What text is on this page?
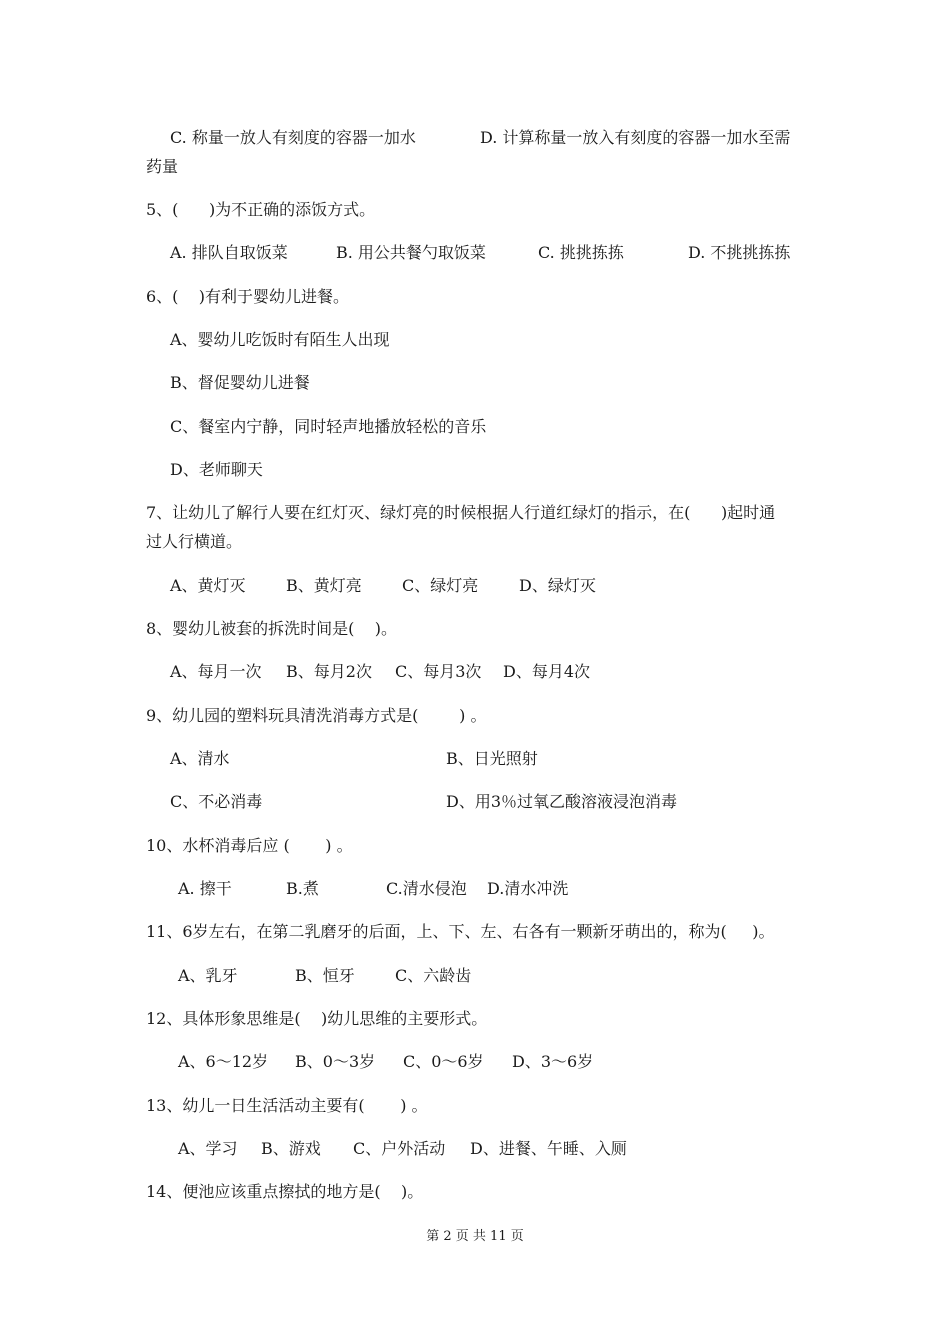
C. 称量一放人有刻度的容器一加水	D. 计算称量一放入有刻度的容器一加水至需
药量
5、(      )为不正确的添饭方式。
A. 排队自取饭菜	B. 用公共餐勺取饭菜	C. 挑挑拣拣	D. 不挑挑拣拣
6、(    )有利于婴幼儿进餐。
A、婴幼儿吃饭时有陌生人出现
B、督促婴幼儿进餐
C、餐室内宁静，同时轻声地播放轻松的音乐
D、老师聊天
7、让幼儿了解行人要在红灯灭、绿灯亮的时候根据人行道红绿灯的指示，在(      )起时通
过人行横道。
A、黄灯灭	B、黄灯亮	C、绿灯亮	D、绿灯灭
8、婴幼儿被套的拆洗时间是(    )。
A、每月一次 B、每月2次 C、每月3次 D、每月4次
9、幼儿园的塑料玩具清洗消毒方式是(        ) 。
A、清水	B、日光照射
C、不必消毒	D、用3％过氧乙酸溶液浸泡消毒
10、水杯消毒后应 (       ) 。
A. 擦干	B.煮	C.清水侵泡 D.清水冲洗
11、6岁左右，在第二乳磨牙的后面，上、下、左、右各有一颗新牙萌出的，称为(     )。
A、乳牙	B、恒牙	C、六龄齿
12、具体形象思维是(    )幼儿思维的主要形式。
A、6～12岁 B、0～3岁 C、0～6岁 D、3～6岁
13、幼儿一日生活活动主要有(       ) 。
A、学习 B、游戏 C、户外活动 D、进餐、午睡、入厕
14、便池应该重点擦拭的地方是(    )。
第 2 页 共 11 页
